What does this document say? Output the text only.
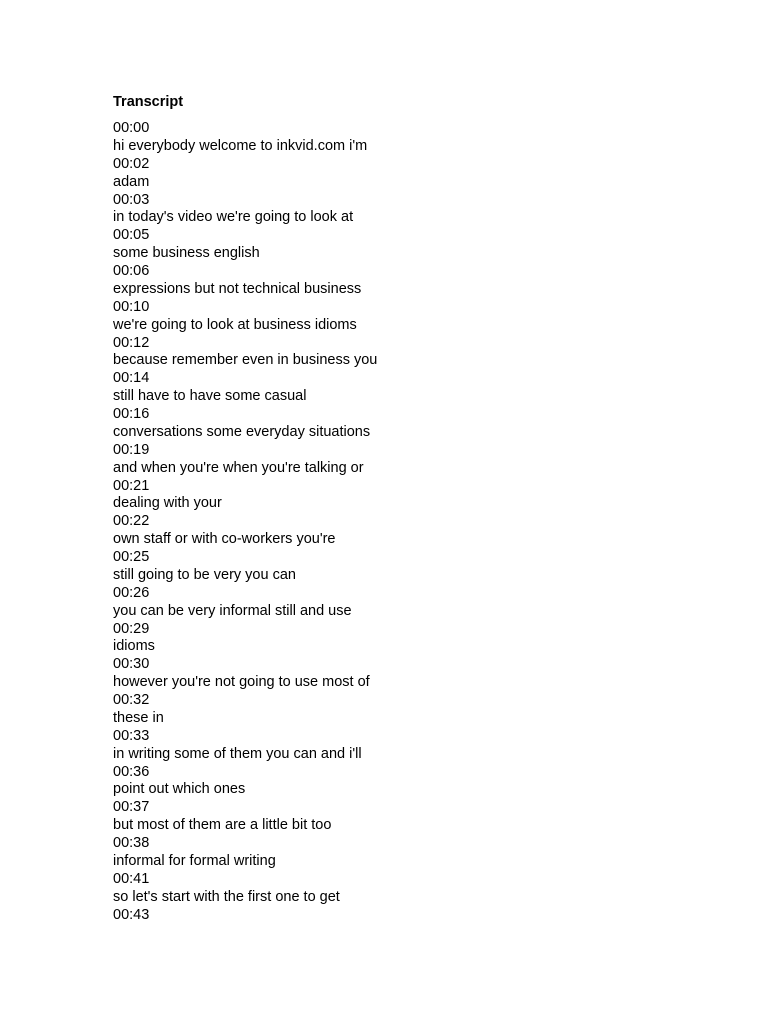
Transcript
00:00
hi everybody welcome to inkvid.com i'm
00:02
adam
00:03
in today's video we're going to look at
00:05
some business english
00:06
expressions but not technical business
00:10
we're going to look at business idioms
00:12
because remember even in business you
00:14
still have to have some casual
00:16
conversations some everyday situations
00:19
and when you're when you're talking or
00:21
dealing with your
00:22
own staff or with co-workers you're
00:25
still going to be very you can
00:26
you can be very informal still and use
00:29
idioms
00:30
however you're not going to use most of
00:32
these in
00:33
in writing some of them you can and i'll
00:36
point out which ones
00:37
but most of them are a little bit too
00:38
informal for formal writing
00:41
so let's start with the first one to get
00:43
